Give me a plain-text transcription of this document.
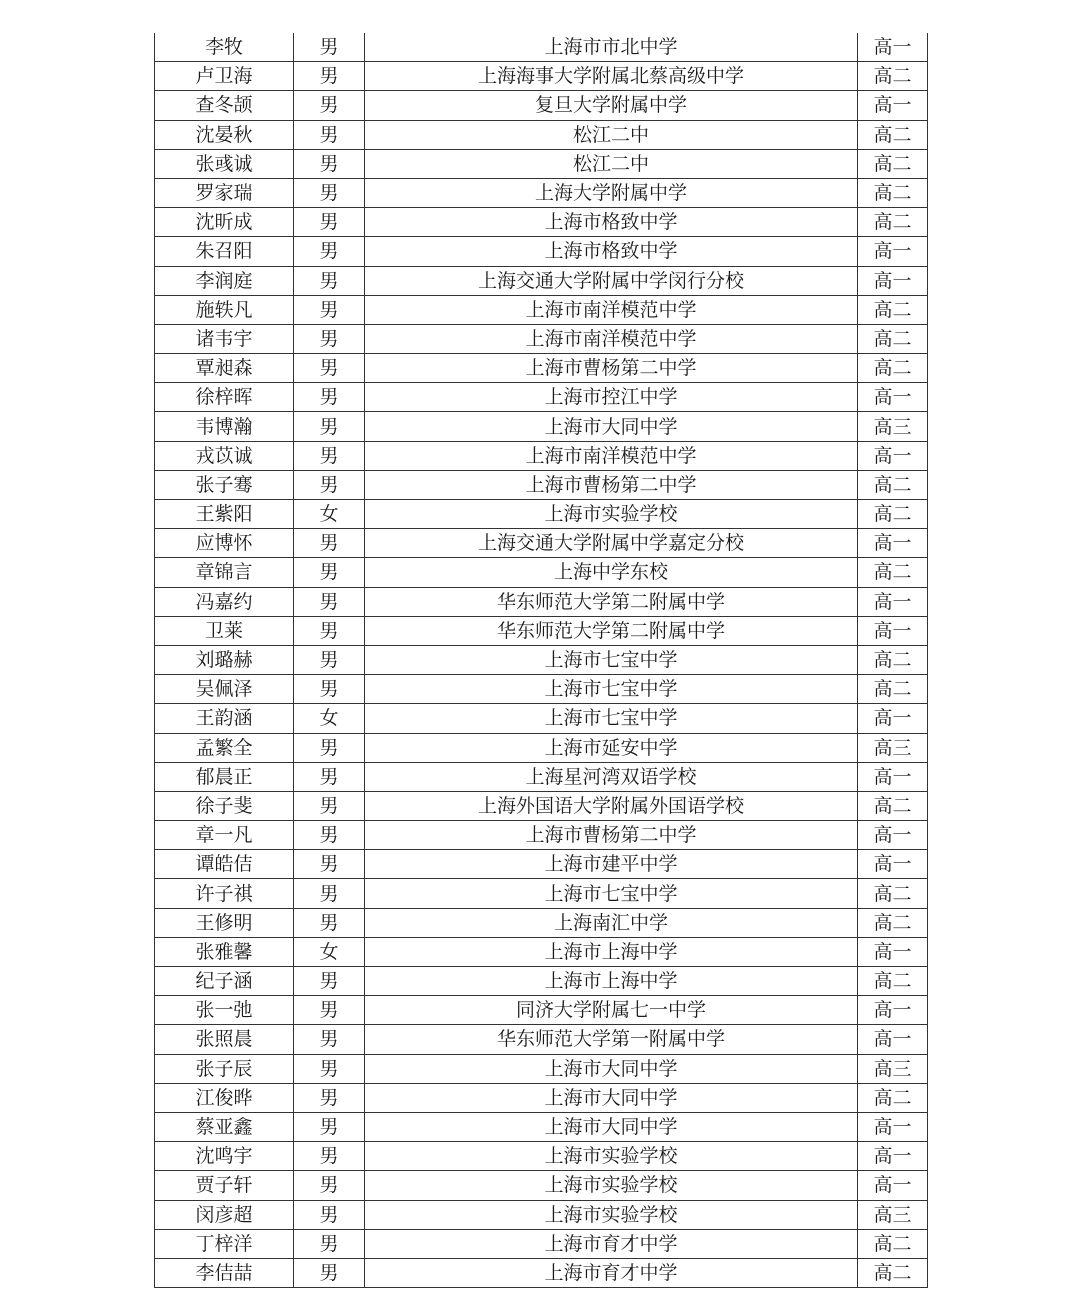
李牧	男	上海市市北中学	高一
卢卫海	男	上海海事大学附属北蔡高级中学	高二
查冬颉	男	复旦大学附属中学	高一
沈晏秋	男	松江二中	高二
张彧诚	男	松江二中	高二
罗家瑞	男	上海大学附属中学	高二
沈昕成	男	上海市格致中学	高二
朱召阳	男	上海市格致中学	高一
李润庭	男	上海交通大学附属中学闵行分校	高一
施轶凡	男	上海市南洋模范中学	高二
诸韦宇	男	上海市南洋模范中学	高二
覃昶森	男	上海市曹杨第二中学	高二
徐梓晖	男	上海市控江中学	高一
韦博瀚	男	上海市大同中学	高三
戎苡诚	男	上海市南洋模范中学	高一
张子骞	男	上海市曹杨第二中学	高二
王紫阳	女	上海市实验学校	高二
应博怀	男	上海交通大学附属中学嘉定分校	高一
章锦言	男	上海中学东校	高二
冯嘉约	男	华东师范大学第二附属中学	高一
卫莱	男	华东师范大学第二附属中学	高一
刘璐赫	男	上海市七宝中学	高二
吴佩泽	男	上海市七宝中学	高二
王韵涵	女	上海市七宝中学	高一
孟繁全	男	上海市延安中学	高三
郁晨正	男	上海星河湾双语学校	高一
徐子斐	男	上海外国语大学附属外国语学校	高二
章一凡	男	上海市曹杨第二中学	高一
谭皓佶	男	上海市建平中学	高一
许子祺	男	上海市七宝中学	高二
王修明	男	上海南汇中学	高二
张雅馨	女	上海市上海中学	高一
纪子涵	男	上海市上海中学	高二
张一弛	男	同济大学附属七一中学	高一
张照晨	男	华东师范大学第一附属中学	高一
张子辰	男	上海市大同中学	高三
江俊晔	男	上海市大同中学	高二
蔡亚鑫	男	上海市大同中学	高一
沈鸣宇	男	上海市实验学校	高一
贾子轩	男	上海市实验学校	高一
闵彦超	男	上海市实验学校	高三
丁梓洋	男	上海市育才中学	高二
李佶喆	男	上海市育才中学	高二
